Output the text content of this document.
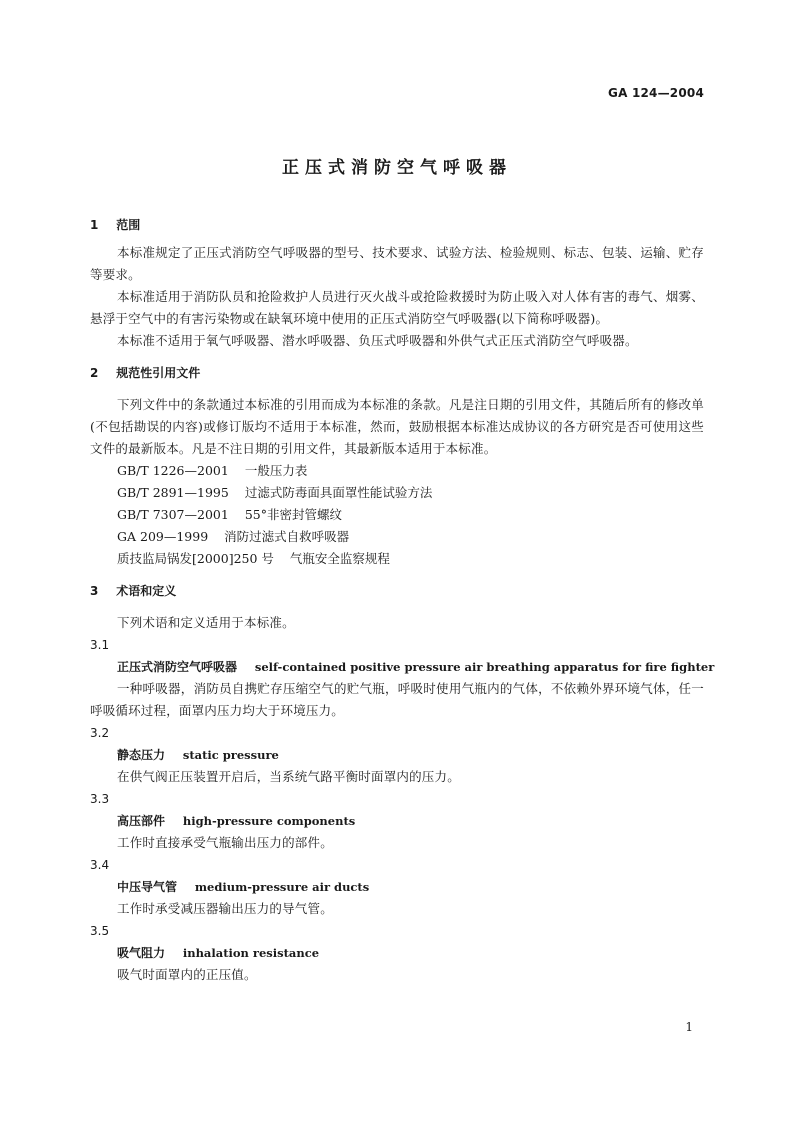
GA 124—2004
正压式消防空气呼吸器
1 范围

本标准规定了正压式消防空气呼吸器的型号、技术要求、试验方法、检验规则、标志、包装、运输、贮存等要求。

本标准适用于消防队员和抢险救护人员进行灭火战斗或抢险救援时为防止吸入对人体有害的毒气、烟雾、悬浮于空气中的有害污染物或在缺氧环境中使用的正压式消防空气呼吸器(以下简称呼吸器)。

本标准不适用于氧气呼吸器、潜水呼吸器、负压式呼吸器和外供气式正压式消防空气呼吸器。

2 规范性引用文件

下列文件中的条款通过本标准的引用而成为本标准的条款。凡是注日期的引用文件，其随后所有的修改单(不包括勘误的内容)或修订版均不适用于本标准，然而，鼓励根据本标准达成协议的各方研究是否可使用这些文件的最新版本。凡是不注日期的引用文件，其最新版本适用于本标准。

GB/T 1226—2001 一般压力表
GB/T 2891—1995 过滤式防毒面具面罩性能试验方法
GB/T 7307—2001 55°非密封管螺纹
GA 209—1999 消防过滤式自救呼吸器
质技监局锅发[2000]250 号 气瓶安全监察规程
3 术语和定义

下列术语和定义适用于本标准。

3.1
正压式消防空气呼吸器 self-contained positive pressure air breathing apparatus for fire fighter

一种呼吸器，消防员自携贮存压缩空气的贮气瓶，呼吸时使用气瓶内的气体，不依赖外界环境气体，任一呼吸循环过程，面罩内压力均大于环境压力。

3.2
静态压力 static pressure

在供气阀正压装置开启后，当系统气路平衡时面罩内的压力。

3.3
高压部件 high-pressure components

工作时直接承受气瓶输出压力的部件。

3.4
中压导气管 medium-pressure air ducts

工作时承受减压器输出压力的导气管。

3.5
吸气阻力 inhalation resistance

吸气时面罩内的正压值。

1
